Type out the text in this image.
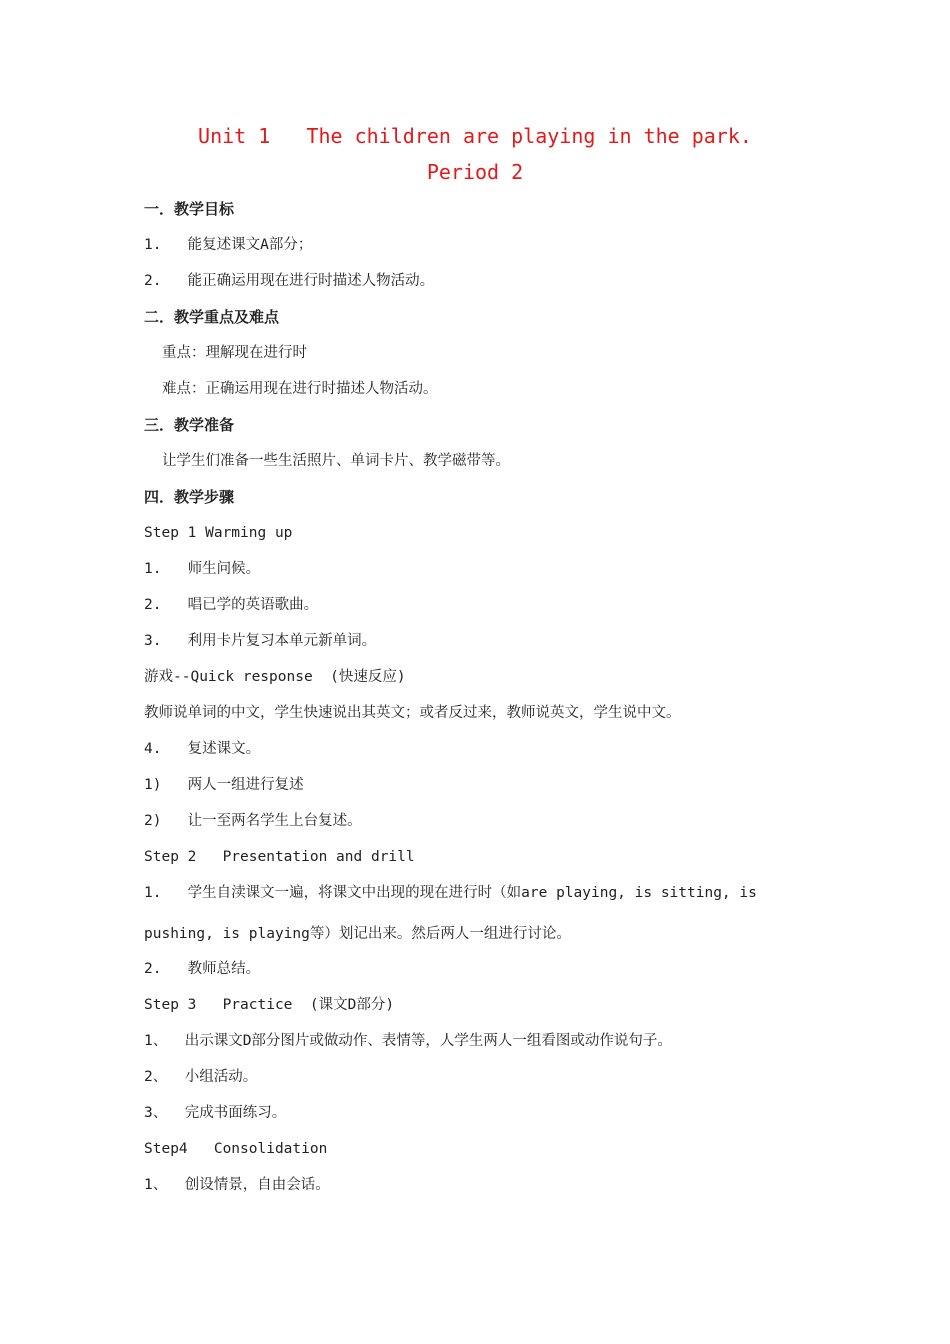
Unit 1   The children are playing in the park.
Period 2
一．教学目标
1.   能复述课文A部分；
2.   能正确运用现在进行时描述人物活动。
二．教学重点及难点
重点：理解现在进行时
难点：正确运用现在进行时描述人物活动。
三．教学准备
让学生们准备一些生活照片、单词卡片、教学磁带等。
四．教学步骤
Step 1 Warming up
1.   师生问候。
2.   唱已学的英语歌曲。
3.   利用卡片复习本单元新单词。
游戏--Quick response  (快速反应)
教师说单词的中文，学生快速说出其英文；或者反过来，教师说英文，学生说中文。
4.   复述课文。
1)   两人一组进行复述
2)   让一至两名学生上台复述。
Step 2   Presentation and drill
1.   学生自渎课文一遍，将课文中出现的现在进行时（如are playing, is sitting, is
pushing, is playing等）划记出来。然后两人一组进行讨论。
2.   教师总结。
Step 3   Practice  (课文D部分)
1、  出示课文D部分图片或做动作、表情等，人学生两人一组看图或动作说句子。
2、  小组活动。
3、  完成书面练习。
Step4   Consolidation
1、  创设情景，自由会话。
